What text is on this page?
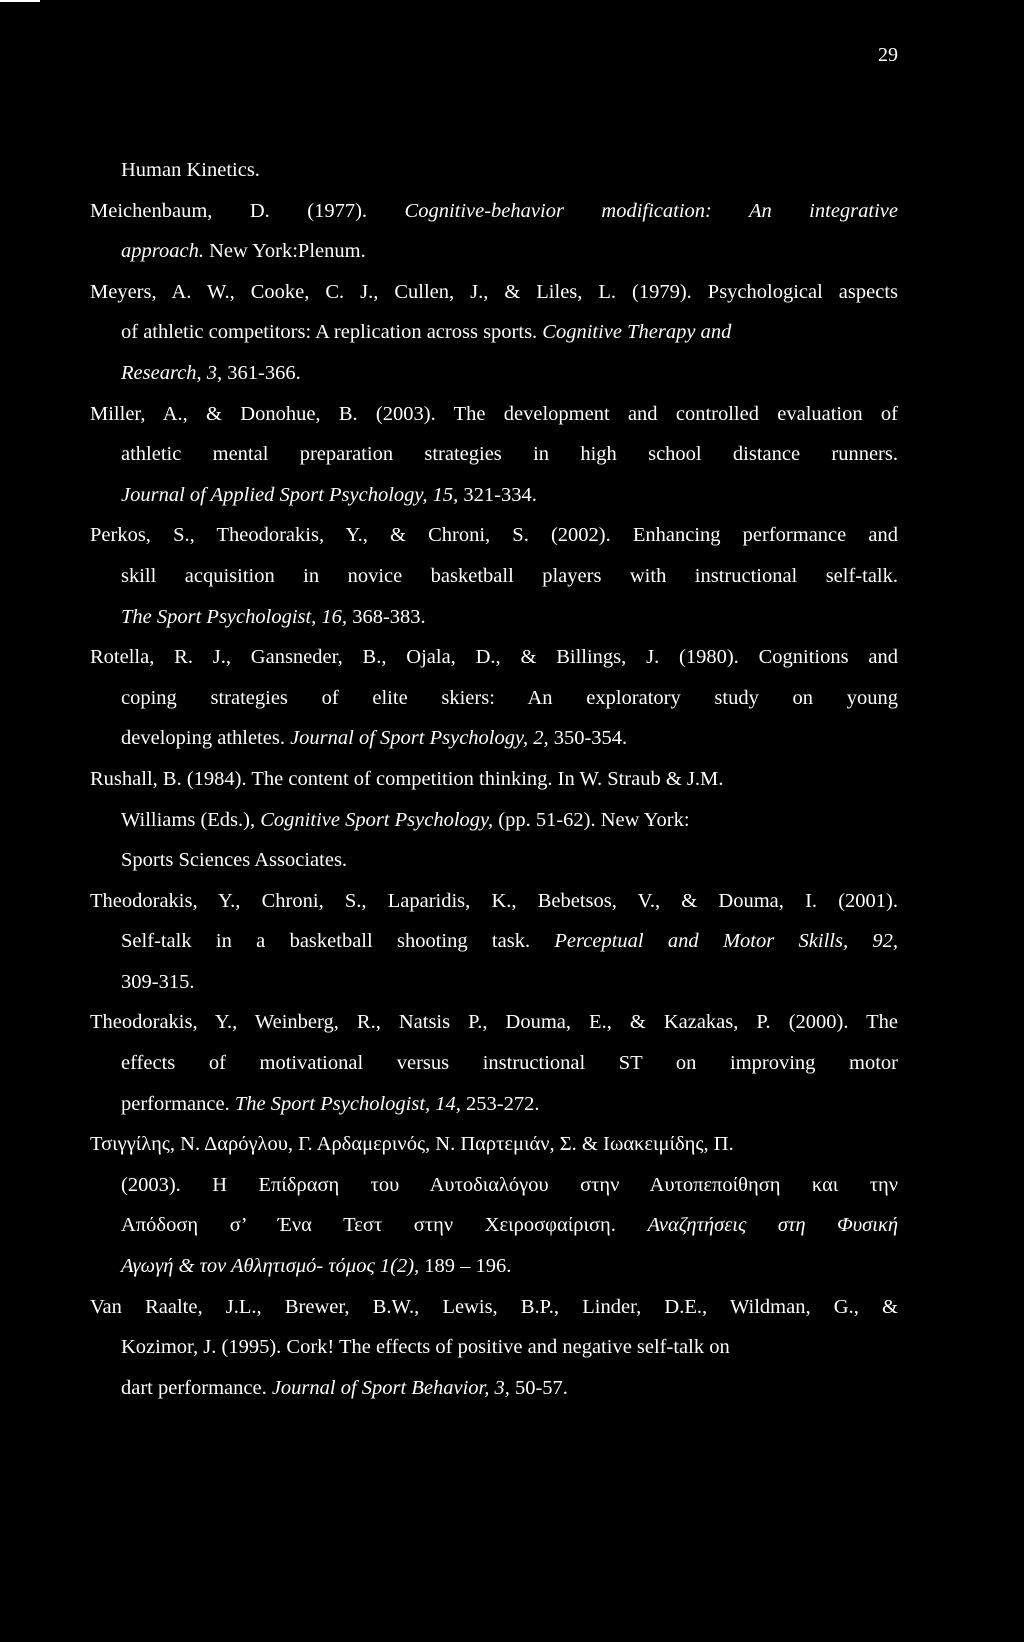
29
Human Kinetics.
Meichenbaum, D. (1977). Cognitive-behavior modification: An integrative
approach. New York:Plenum.
Meyers, A. W., Cooke, C. J., Cullen, J., & Liles, L. (1979). Psychological aspects
of athletic competitors: A replication across sports. Cognitive Therapy and
Research, 3, 361-366.
Miller, A., & Donohue, B. (2003). The development and controlled evaluation of
athletic mental preparation strategies in high school distance runners.
Journal of Applied Sport Psychology, 15, 321-334.
Perkos, S., Theodorakis, Y., & Chroni, S. (2002). Enhancing performance and
skill acquisition in novice basketball players with instructional self-talk.
The Sport Psychologist, 16, 368-383.
Rotella, R. J., Gansneder, B., Ojala, D., & Billings, J. (1980). Cognitions and
coping strategies of elite skiers: An exploratory study on young
developing athletes. Journal of Sport Psychology, 2, 350-354.
Rushall, B. (1984). The content of competition thinking. In W. Straub & J.M.
Williams (Eds.), Cognitive Sport Psychology, (pp. 51-62). New York:
Sports Sciences Associates.
Theodorakis, Y., Chroni, S., Laparidis, K., Bebetsos, V., & Douma, I. (2001).
Self-talk in a basketball shooting task. Perceptual and Motor Skills, 92,
309-315.
Theodorakis, Y., Weinberg, R., Natsis P., Douma, E., & Kazakas, P. (2000). The
effects of motivational versus instructional ST on improving motor
performance. The Sport Psychologist, 14, 253-272.
Τσιγγίλης, Ν. Δαρόγλου, Γ. Αρδαμερινός, Ν. Παρτεμιάν, Σ. & Ιωακειμίδης, Π.
(2003). Η Επίδραση του Αυτοδιαλόγου στην Αυτοπεποίθηση και την
Απόδοση σ’ Ένα Τεστ στην Χειροσφαίριση. Αναζητήσεις στη Φυσική
Αγωγή & τον Αθλητισμό- τόμος 1(2), 189 – 196.
Van Raalte, J.L., Brewer, B.W., Lewis, B.P., Linder, D.E., Wildman, G., &
Kozimor, J. (1995). Cork! The effects of positive and negative self-talk on
dart performance. Journal of Sport Behavior, 3, 50-57.
